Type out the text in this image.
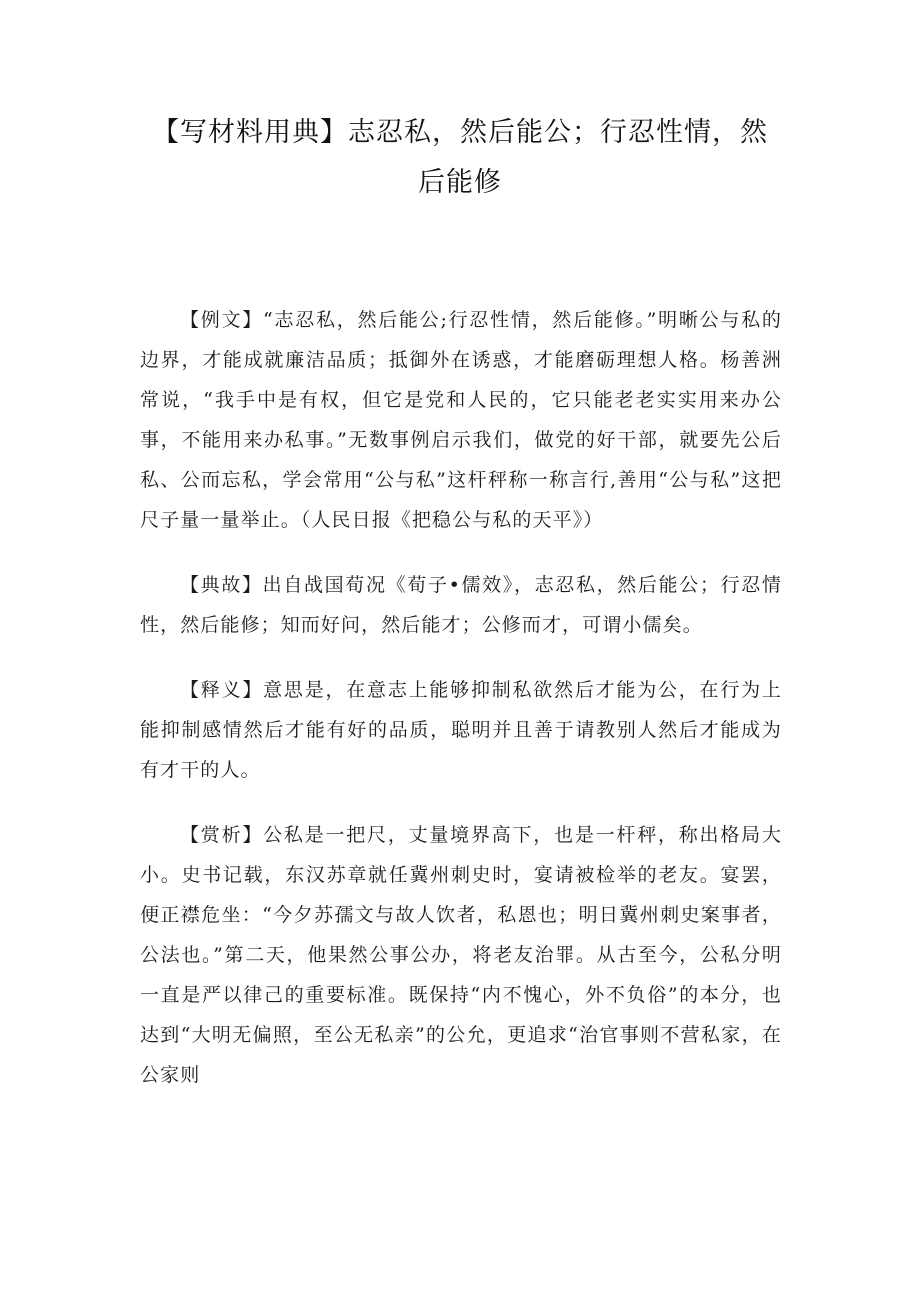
【写材料用典】志忍私，然后能公；行忍性情，然后能修

【例文】“志忍私，然后能公;行忍性情，然后能修。”明晰公与私的边界，才能成就廉洁品质；抵御外在诱惑，才能磨砺理想人格。杨善洲常说，“我手中是有权，但它是党和人民的，它只能老老实实用来办公事，不能用来办私事。”无数事例启示我们，做党的好干部，就要先公后私、公而忘私，学会常用“公与私”这杆秤称一称言行,善用“公与私”这把尺子量一量举止。（人民日报《把稳公与私的天平》）

【典故】出自战国荀况《荀子•儒效》，志忍私，然后能公；行忍情性，然后能修；知而好问，然后能才；公修而才，可谓小儒矣。

【释义】意思是，在意志上能够抑制私欲然后才能为公，在行为上能抑制感情然后才能有好的品质，聪明并且善于请教别人然后才能成为有才干的人。

【赏析】公私是一把尺，丈量境界高下，也是一杆秤，称出格局大小。史书记载，东汉苏章就任冀州刺史时，宴请被检举的老友。宴罢，便正襟危坐：“今夕苏孺文与故人饮者，私恩也；明日冀州刺史案事者，公法也。”第二天，他果然公事公办，将老友治罪。从古至今，公私分明一直是严以律己的重要标准。既保持“内不愧心，外不负俗”的本分，也达到“大明无偏照，至公无私亲”的公允，更追求“治官事则不营私家，在公家则
